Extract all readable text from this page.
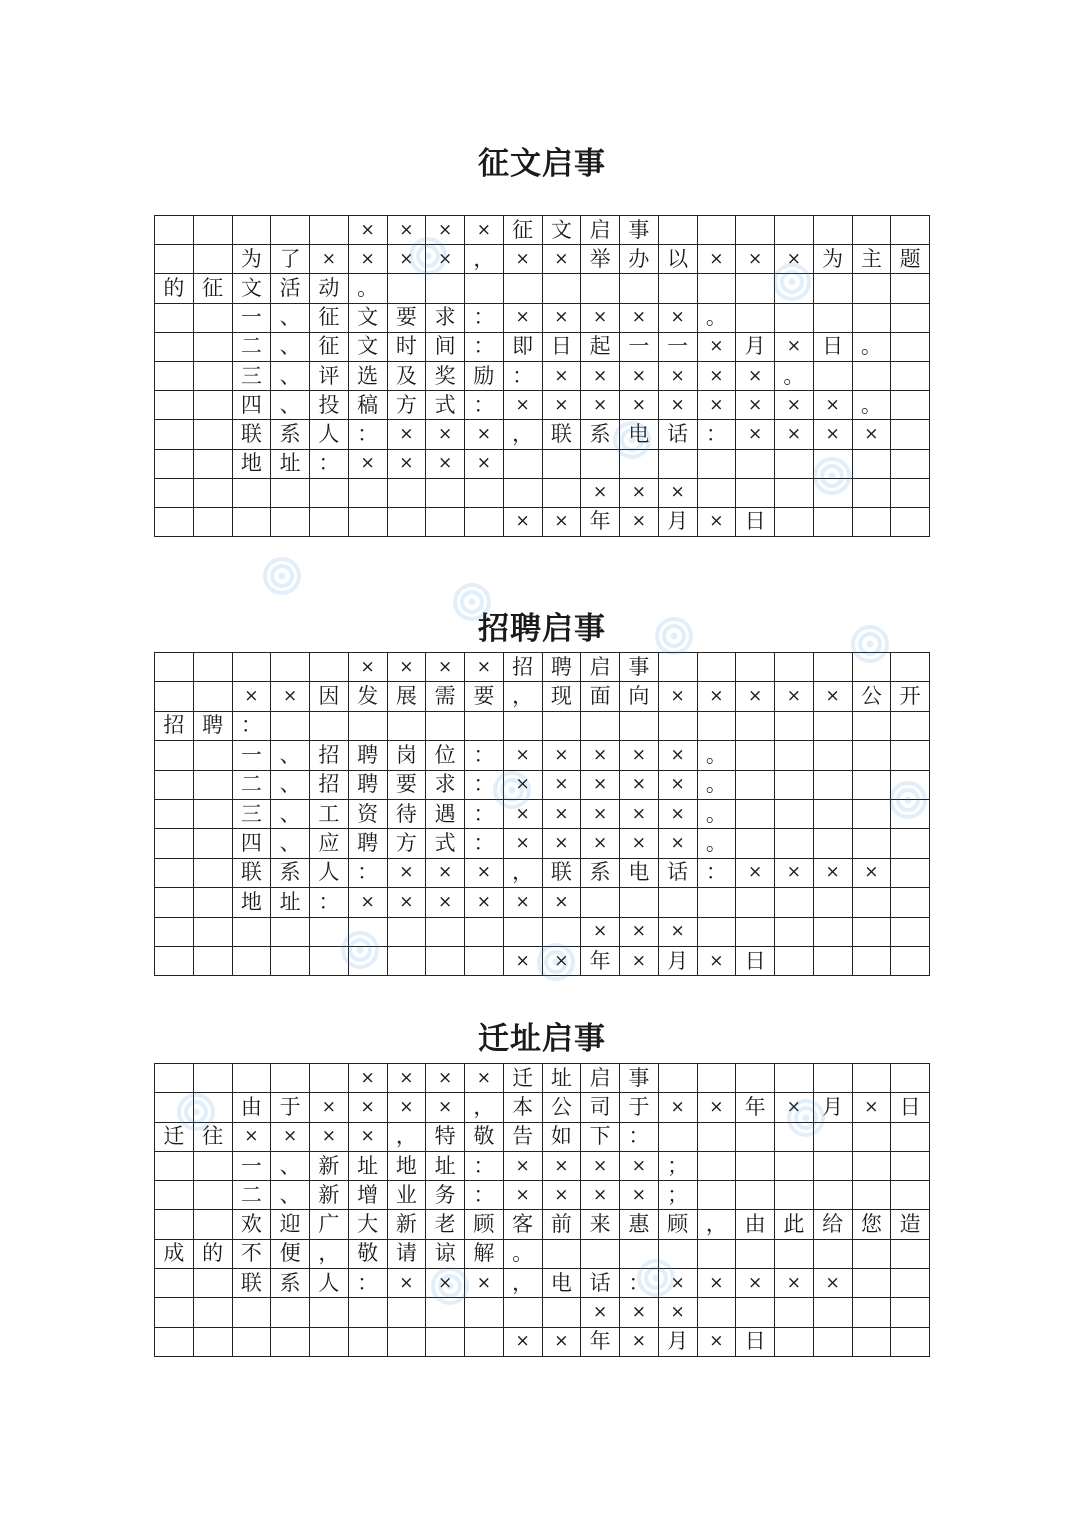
征文启事
×	×	×	×	征 文 启 事
为 了	×	×	×	×	，	×	×	举 办 以	×	×	×	为 主 题
的 征 文 活 动 。
一 、 征 文 要 求 ：	×	×	×	×	×	。
二 、 征 文 时 间 ： 即 日 起 一 一	×	月	×	日 。
三 、 评 选 及 奖 励 ：	×	×	×	×	×	×	。
四 、 投 稿 方 式 ：	×	×	×	×	×	×	×	×	×	。
联 系 人 ：	×	×	×	， 联 系 电 话 ：	×	×	×	×
地 址 ：	×	×	×	×
×	×	×
×	×	年	×	月	×	日
招聘启事
×	×	×	×	招 聘 启 事
×	×	因 发 展 需 要 ， 现 面 向	×	×	×	×	×	公 开
招 聘 ：
一 、 招 聘 岗 位 ：	×	×	×	×	×	。
二 、 招 聘 要 求 ：	×	×	×	×	×	。
三 、 工 资 待 遇 ：	×	×	×	×	×	。
四 、 应 聘 方 式 ：	×	×	×	×	×	。
联 系 人 ：	×	×	×	， 联 系 电 话 ：	×	×	×	×
地 址 ：	×	×	×	×	×	×
×	×	×
×	×	年	×	月	×	日
迁址启事
×	×	×	×	迁 址 启 事
由 于	×	×	×	×	， 本 公 司 于	×	×	年	×	月	×	日
迁 往	×	×	×	×	， 特 敬 告 如 下 ：
一 、 新 址 地 址 ：	×	×	×	×	；
二 、 新 增 业 务 ：	×	×	×	×	；
欢 迎 广 大 新 老 顾 客 前 来 惠 顾 ， 由 此 给 您 造
成 的 不 便 ， 敬 请 谅 解 。
联 系 人 ：	×	×	×	， 电 话 ：	×	×	×	×	×
×	×	×
×	×	年	×	月	×	日
